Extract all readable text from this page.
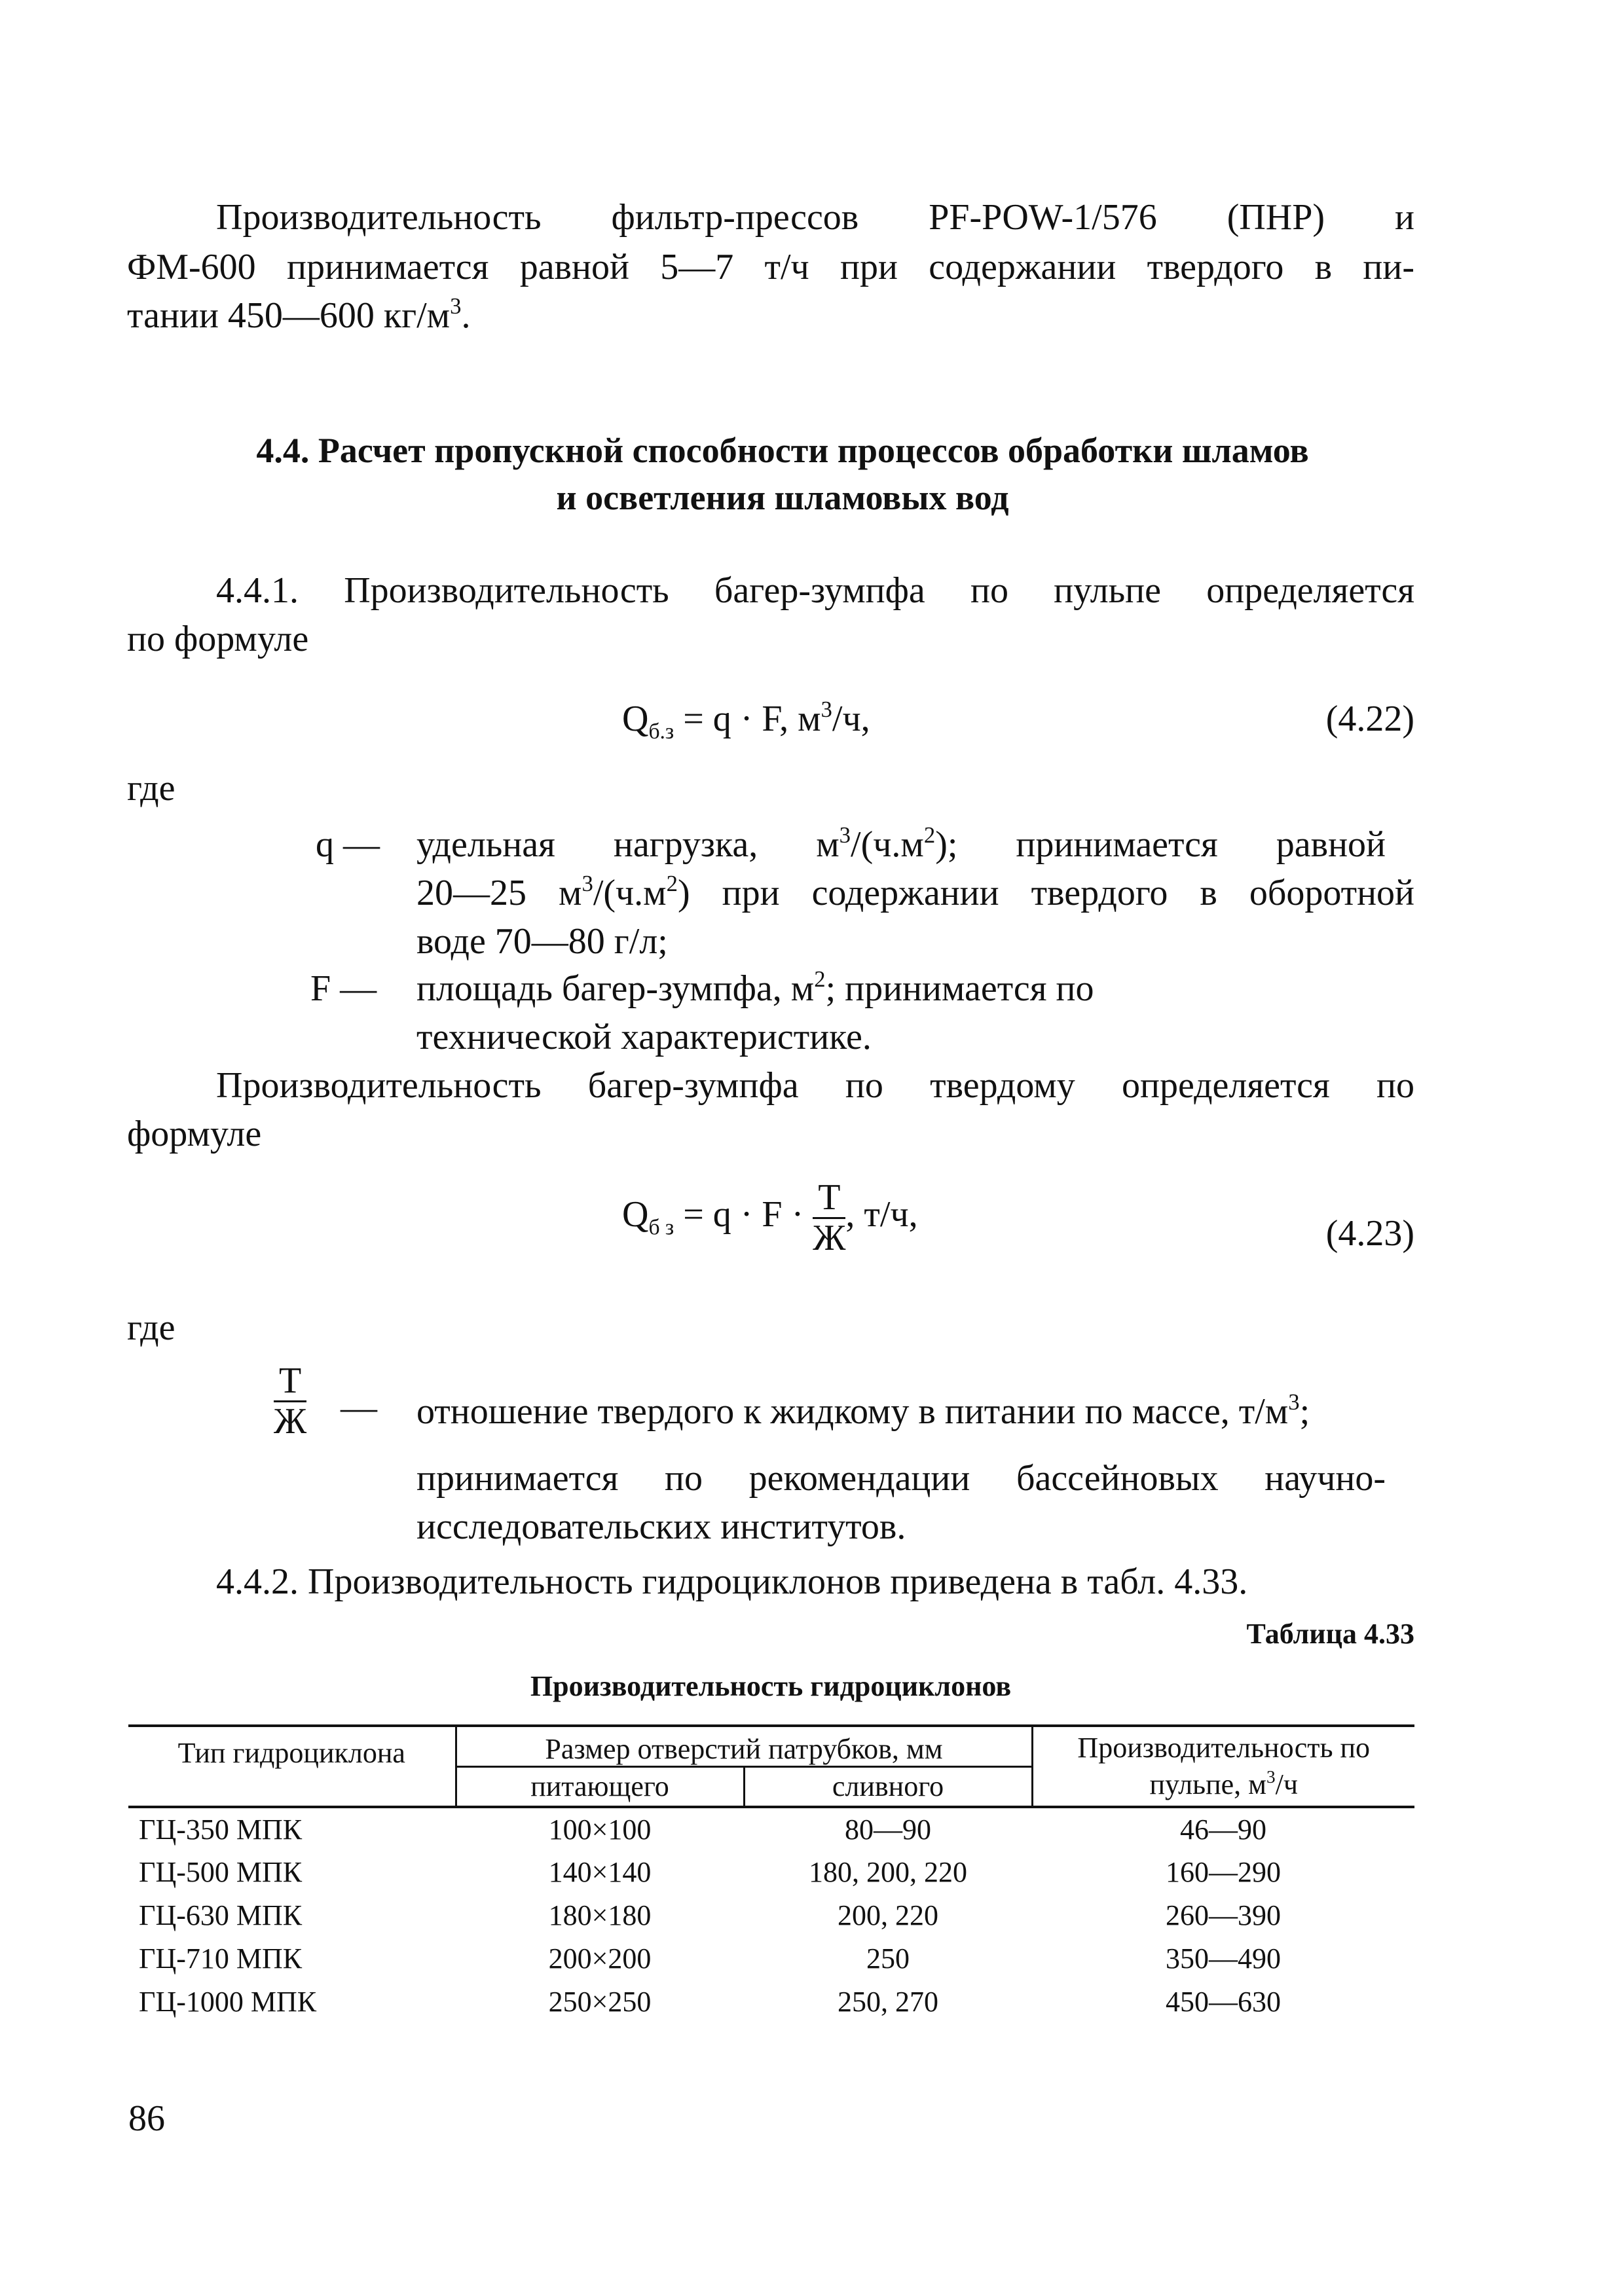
Производительность фильтр-прессов PF-POW-1/576 (ПНР) и
ФМ-600 принимается равной 5—7 т/ч при содержании твердого в пи-
тании 450—600 $кг/м^3$.
4.4. Расчет пропускной способности процессов обработки шламов
и осветления шламовых вод
4.4.1. Производительность багер-зумпфа по пульпе определяется
по формуле
$Q_{б.з} = q \cdot F$, $м^3/ч$,	(4.22)
где
q — удельная нагрузка, $м^3/(ч.м^2)$; принимается равной
20—25 $м^3/(ч.м^2)$ при содержании твердого в оборотной
воде 70—80 г/л;
F — площадь багер-зумпфа, $м^2$; принимается по
технической характеристике.
Производительность багер-зумпфа по твердому определяется по
формуле
$Q_{б з} = q \cdot F \cdot \frac{Т}{Ж}$ , т/ч,	(4.23)
где
$\frac{Т}{Ж}$ — отношение твердого к жидкому в питании по массе, $т/м^3$;
принимается по рекомендации бассейновых научно-
исследовательских институтов.
4.4.2. Производительность гидроциклонов приведена в табл. 4.33.
Таблица 4.33
Производительность гидроциклонов
Тип гидроциклона	Размер отверстий патрубков, мм		Производительность по
пульпе, $м^3/ч$
	питающего	сливного	
ГЦ-350 МПК	100×100	80—90	46—90
ГЦ-500 МПК	140×140	180, 200, 220	160—290
ГЦ-630 МПК	180×180	200, 220	260—390
ГЦ-710 МПК	200×200	250	350—490
ГЦ-1000 МПК	250×250	250, 270	450—630
86
